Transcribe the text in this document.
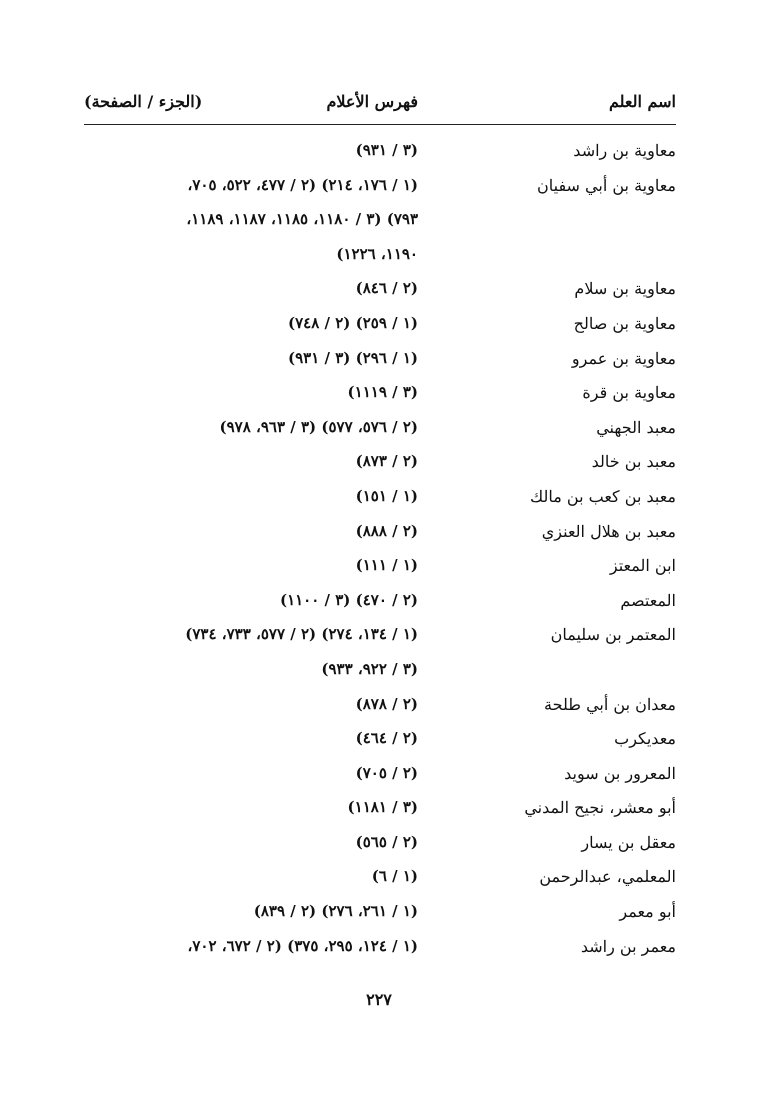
اسم العلم
فهرس الأعلام
(الجزء / الصفحة)
معاوية بن راشد
(٣ / ٩٣١)
معاوية بن أبي سفيان
(١ / ١٧٦، ٢١٤) (٢ / ٤٧٧، ٥٢٢، ٧٠٥،
٧٩٣) (٣ / ١١٨٠، ١١٨٥، ١١٨٧، ١١٨٩،
١١٩٠، ١٢٢٦)
معاوية بن سلام
(٢ / ٨٤٦)
معاوية بن صالح
(١ / ٢٥٩) (٢ / ٧٤٨)
معاوية بن عمرو
(١ / ٢٩٦) (٣ / ٩٣١)
معاوية بن قرة
(٣ / ١١١٩)
معبد الجهني
(٢ / ٥٧٦، ٥٧٧) (٣ / ٩٦٣، ٩٧٨)
معبد بن خالد
(٢ / ٨٧٣)
معبد بن كعب بن مالك
(١ / ١٥١)
معبد بن هلال العنزي
(٢ / ٨٨٨)
ابن المعتز
(١ / ١١١)
المعتصم
(٢ / ٤٧٠) (٣ / ١١٠٠)
المعتمر بن سليمان
(١ / ١٣٤، ٢٧٤) (٢ / ٥٧٧، ٧٣٣، ٧٣٤)
(٣ / ٩٢٢، ٩٣٣)
معدان بن أبي طلحة
(٢ / ٨٧٨)
معديكرب
(٢ / ٤٦٤)
المعرور بن سويد
(٢ / ٧٠٥)
أبو معشر، نجيح المدني
(٣ / ١١٨١)
معقل بن يسار
(٢ / ٥٦٥)
المعلمي، عبدالرحمن
(١ / ٦)
أبو معمر
(١ / ٢٦١، ٢٧٦) (٢ / ٨٣٩)
معمر بن راشد
(١ / ١٢٤، ٢٩٥، ٣٧٥) (٢ / ٦٧٢، ٧٠٢،
٢٢٧
